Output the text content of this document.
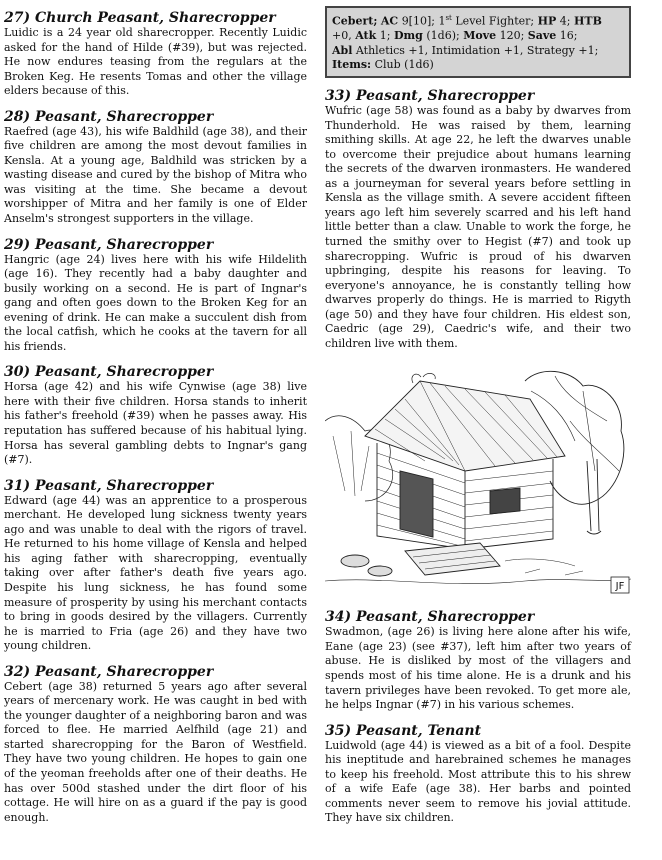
27) Church Peasant, Sharecropper

Luidic is a 24 year old sharecropper. Recently Luidic asked for the hand of Hilde (#39), but was rejected. He now endures teasing from the regulars at the Broken Keg. He resents Tomas and other the village elders because of this.

28) Peasant, Sharecropper

Raefred (age 43), his wife Baldhild (age 38), and their five children are among the most devout families in Kensla. At a young age, Baldhild was stricken by a wasting disease and cured by the bishop of Mitra who was visiting at the time. She became a devout worshipper of Mitra and her family is one of Elder Anselm's strongest supporters in the village.

29) Peasant, Sharecropper

Hangric (age 24) lives here with his wife Hildelith (age 16). They recently had a baby daughter and busily working on a second. He is part of Ingnar's gang and often goes down to the Broken Keg for an evening of drink. He can make a succulent dish from the local catfish, which he cooks at the tavern for all his friends.

30) Peasant, Sharecropper

Horsa (age 42) and his wife Cynwise (age 38) live here with their five children. Horsa stands to inherit his father's freehold (#39) when he passes away. His reputation has suffered because of his habitual lying. Horsa has several gambling debts to Ingnar's gang (#7).

31) Peasant, Sharecropper

Edward (age 44) was an apprentice to a prosperous merchant. He developed lung sickness twenty years ago and was unable to deal with the rigors of travel. He returned to his home village of Kensla and helped his aging father with sharecropping, eventually taking over after father's death five years ago. Despite his lung sickness, he has found some measure of prosperity by using his merchant contacts to bring in goods desired by the villagers. Currently he is married to Fria (age 26) and they have two young children.

32) Peasant, Sharecropper

Cebert (age 38) returned 5 years ago after several years of mercenary work. He was caught in bed with the younger daughter of a neighboring baron and was forced to flee. He married Aelfhild (age 21) and started sharecropping for the Baron of Westfield. They have two young children. He hopes to gain one of the yeoman freeholds after one of their deaths. He has over 500d stashed under the dirt floor of his cottage. He will hire on as a guard if the pay is good enough.

Cebert; AC 9[10]; 1st Level Fighter; HP 4; HTB +0, Atk 1; Dmg (1d6); Move 120; Save 16;
Abl Athletics +1, Intimidation +1, Strategy +1;
Items: Club (1d6)
33) Peasant, Sharecropper

Wufric (age 58) was found as a baby by dwarves from Thunderhold. He was raised by them, learning smithing skills. At age 22, he left the dwarves unable to overcome their prejudice about humans learning the secrets of the dwarven ironmasters. He wandered as a journeyman for several years before settling in Kensla as the village smith. A severe accident fifteen years ago left him severely scarred and his left hand little better than a claw. Unable to work the forge, he turned the smithy over to Hegist (#7) and took up sharecropping. Wufric is proud of his dwarven upbringing, despite his reasons for leaving. To everyone's annoyance, he is constantly telling how dwarves properly do things. He is married to Rigyth (age 50) and they have four children. His eldest son, Caedric (age 29), Caedric's wife, and their two children live with them.

JF
34) Peasant, Sharecropper

Swadmon, (age 26) is living here alone after his wife, Eane (age 23) (see #37), left him after two years of abuse. He is disliked by most of the villagers and spends most of his time alone. He is a drunk and his tavern privileges have been revoked. To get more ale, he helps Ingnar (#7) in his various schemes.

35) Peasant, Tenant

Luidwold (age 44) is viewed as a bit of a fool. Despite his ineptitude and harebrained schemes he manages to keep his freehold. Most attribute this to his shrew of a wife Eafe (age 38). Her barbs and pointed comments never seem to remove his jovial attitude. They have six children.
